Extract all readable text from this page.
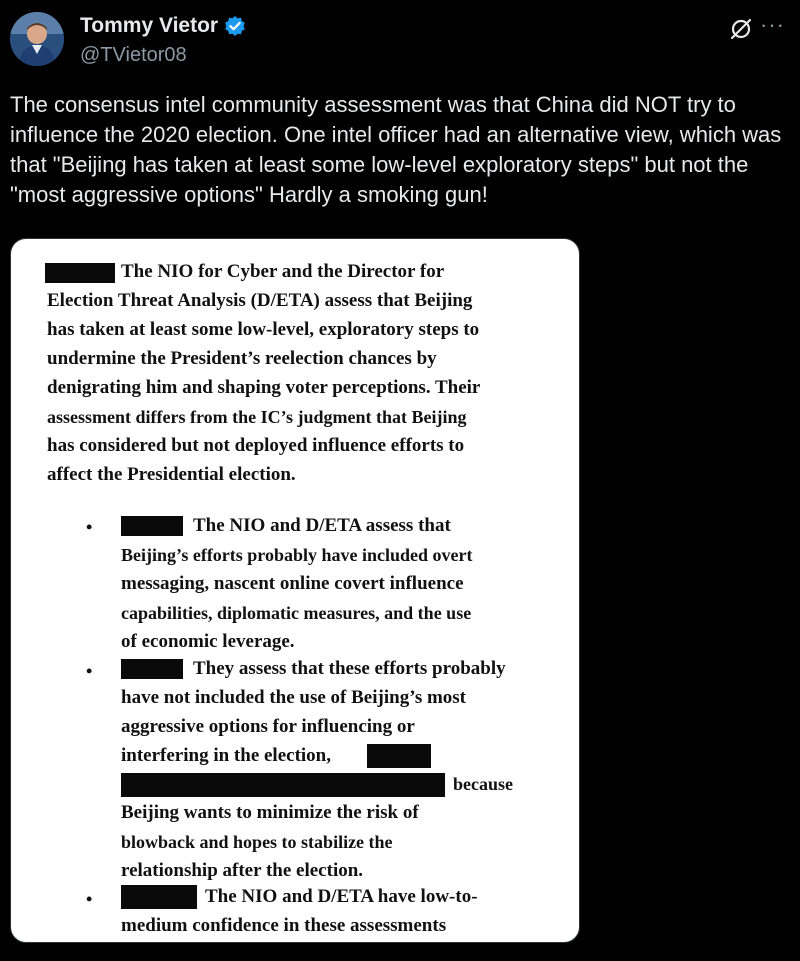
Tommy Vietor
@TVietor08
···

The consensus intel community assessment was that China did NOT try to influence the 2020 election. One intel officer had an alternative view, which was that "Beijing has taken at least some low-level exploratory steps" but not the "most aggressive options" Hardly a smoking gun!

The NIO for Cyber and the Director for
Election Threat Analysis (D/ETA) assess that Beijing
has taken at least some low-level, exploratory steps to
undermine the President’s reelection chances by
denigrating him and shaping voter perceptions. Their
assessment differs from the IC’s judgment that Beijing
has considered but not deployed influence efforts to
affect the Presidential election.
•	The NIO and D/ETA assess that
Beijing’s efforts probably have included overt
messaging, nascent online covert influence
capabilities, diplomatic measures, and the use
of economic leverage.
•	They assess that these efforts probably
have not included the use of Beijing’s most
aggressive options for influencing or
interfering in the election,
because
Beijing wants to minimize the risk of
blowback and hopes to stabilize the
relationship after the election.
•	The NIO and D/ETA have low-to-
medium confidence in these assessments
